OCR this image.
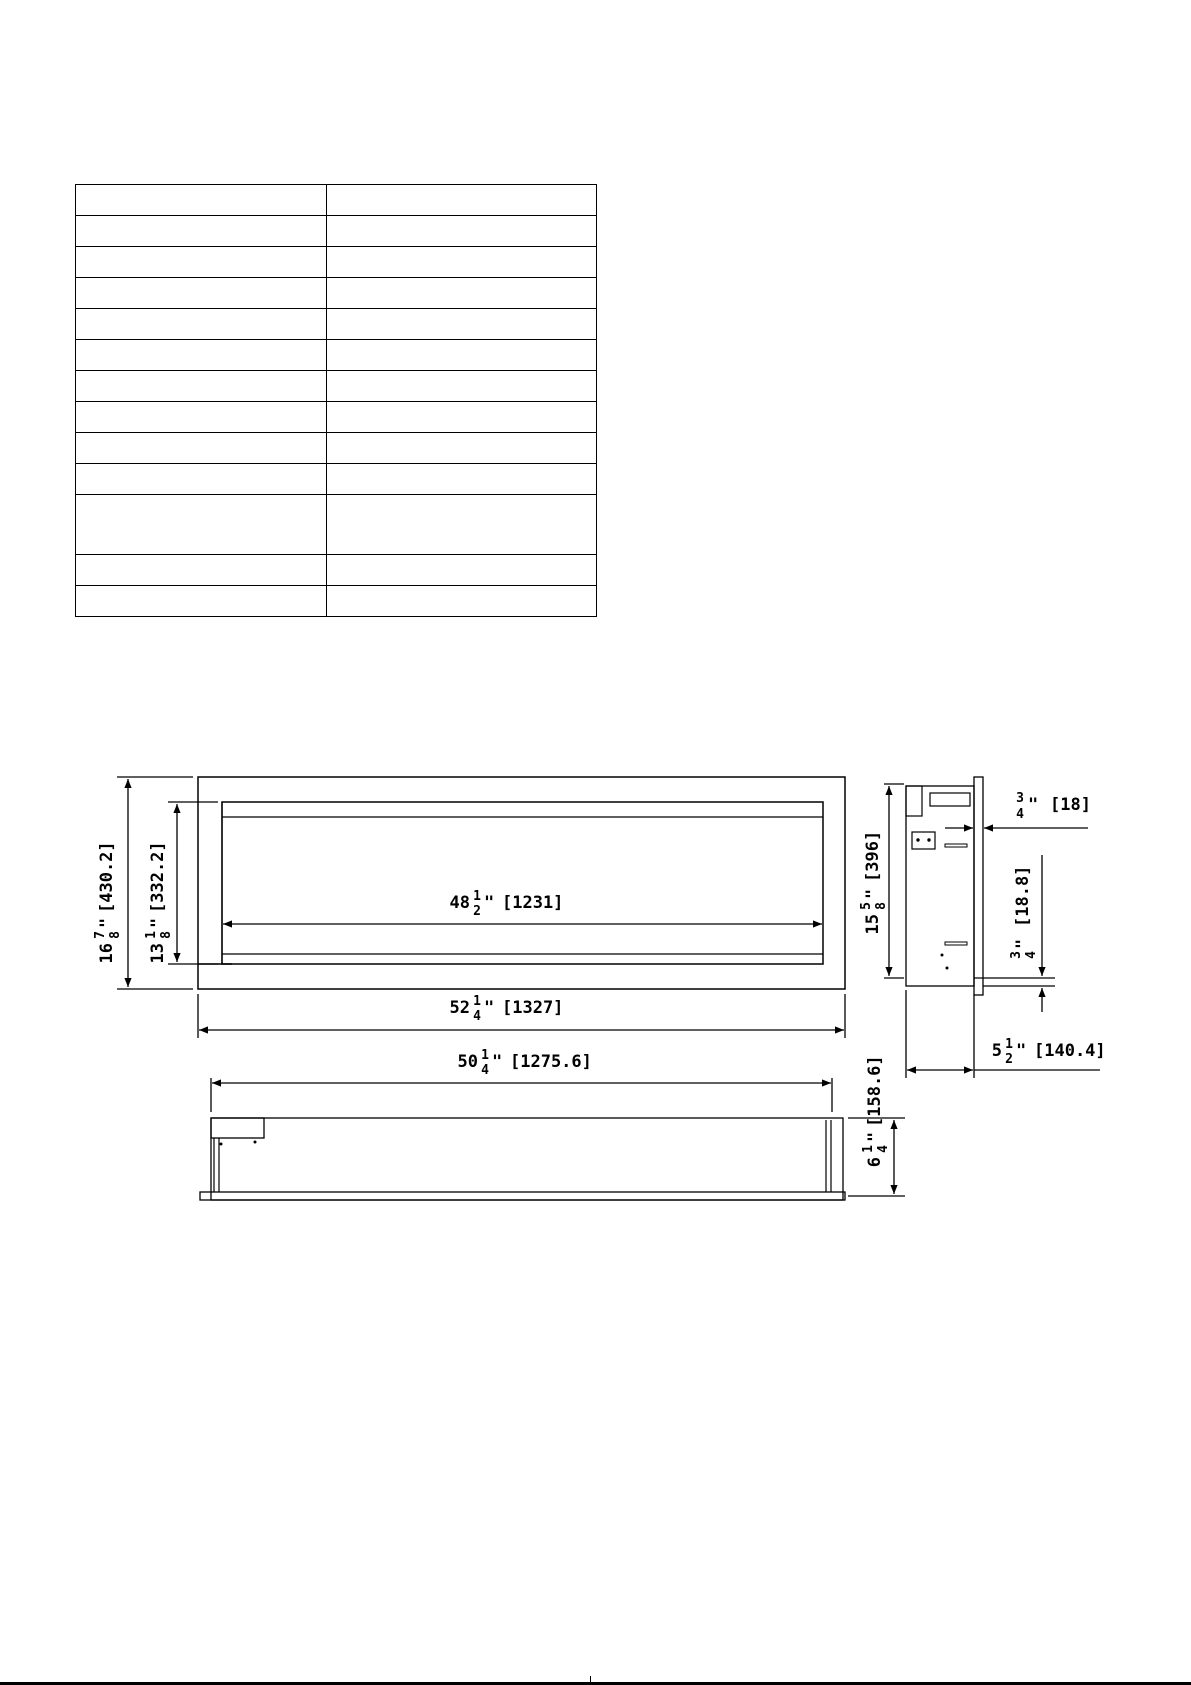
16
7 8
"
[430.2]
13
1 8
"
[332.2]	48 1
2 " [1231]
52 1
4 " [1327]
50 1
4 " [1275.6]
6
1 4
"
[158.6]
15
5 8
"
[396]
3
4 " [18]
3 4
"
[18.8]
5 1
2 " [140.4]
